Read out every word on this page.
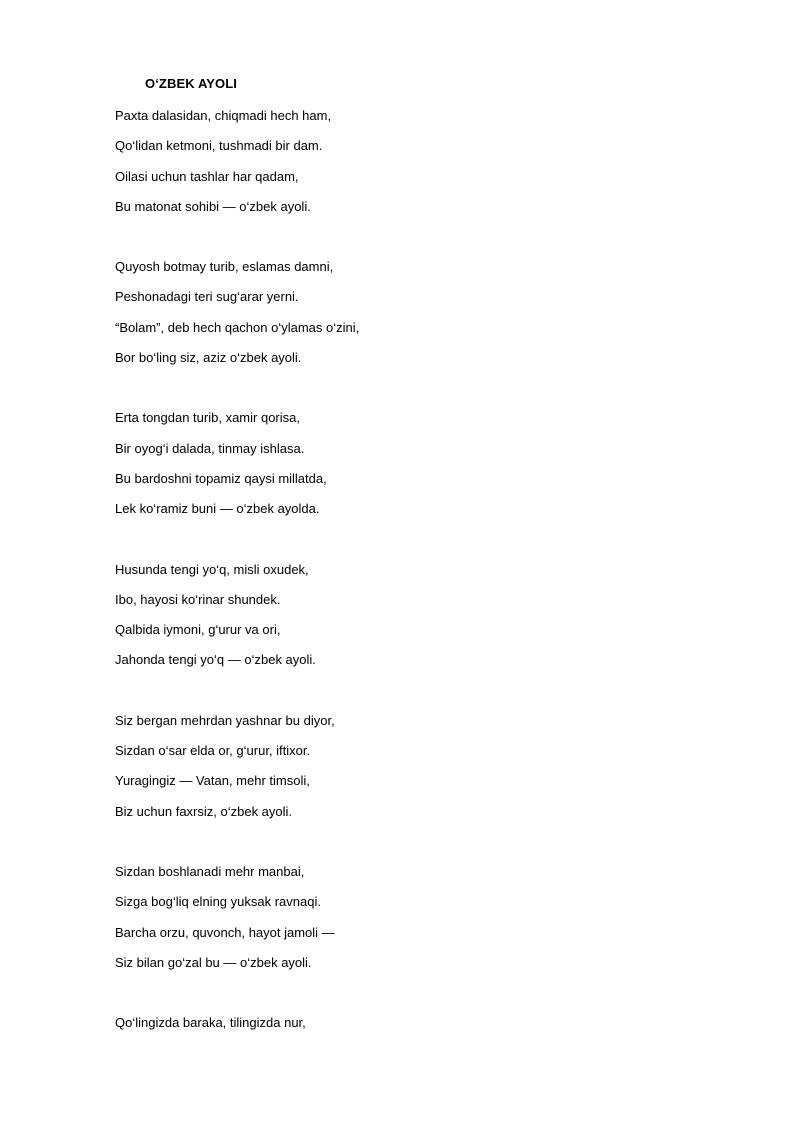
O‘ZBEK AYOLI
Paxta dalasidan, chiqmadi hech ham,
Qo‘lidan ketmoni, tushmadi bir dam.
Oilasi uchun tashlar har qadam,
Bu matonat sohibi — o‘zbek ayoli.
Quyosh botmay turib, eslamas damni,
Peshonadagi teri sug‘arar yerni.
“Bolam”, deb hech qachon o‘ylamas o‘zini,
Bor bo‘ling siz, aziz o‘zbek ayoli.
Erta tongdan turib, xamir qorisa,
Bir oyog‘i dalada, tinmay ishlasa.
Bu bardoshni topamiz qaysi millatda,
Lek ko‘ramiz buni — o‘zbek ayolda.
Husunda tengi yo‘q, misli oxudek,
Ibo, hayosi ko‘rinar shundek.
Qalbida iymoni, g‘urur va ori,
Jahonda tengi yo‘q — o‘zbek ayoli.
Siz bergan mehrdan yashnar bu diyor,
Sizdan o‘sar elda or, g‘urur, iftixor.
Yuragingiz — Vatan, mehr timsoli,
Biz uchun faxrsiz, o‘zbek ayoli.
Sizdan boshlanadi mehr manbai,
Sizga bog‘liq elning yuksak ravnaqi.
Barcha orzu, quvonch, hayot jamoli —
Siz bilan go‘zal bu — o‘zbek ayoli.
Qo‘lingizda baraka, tilingizda nur,
